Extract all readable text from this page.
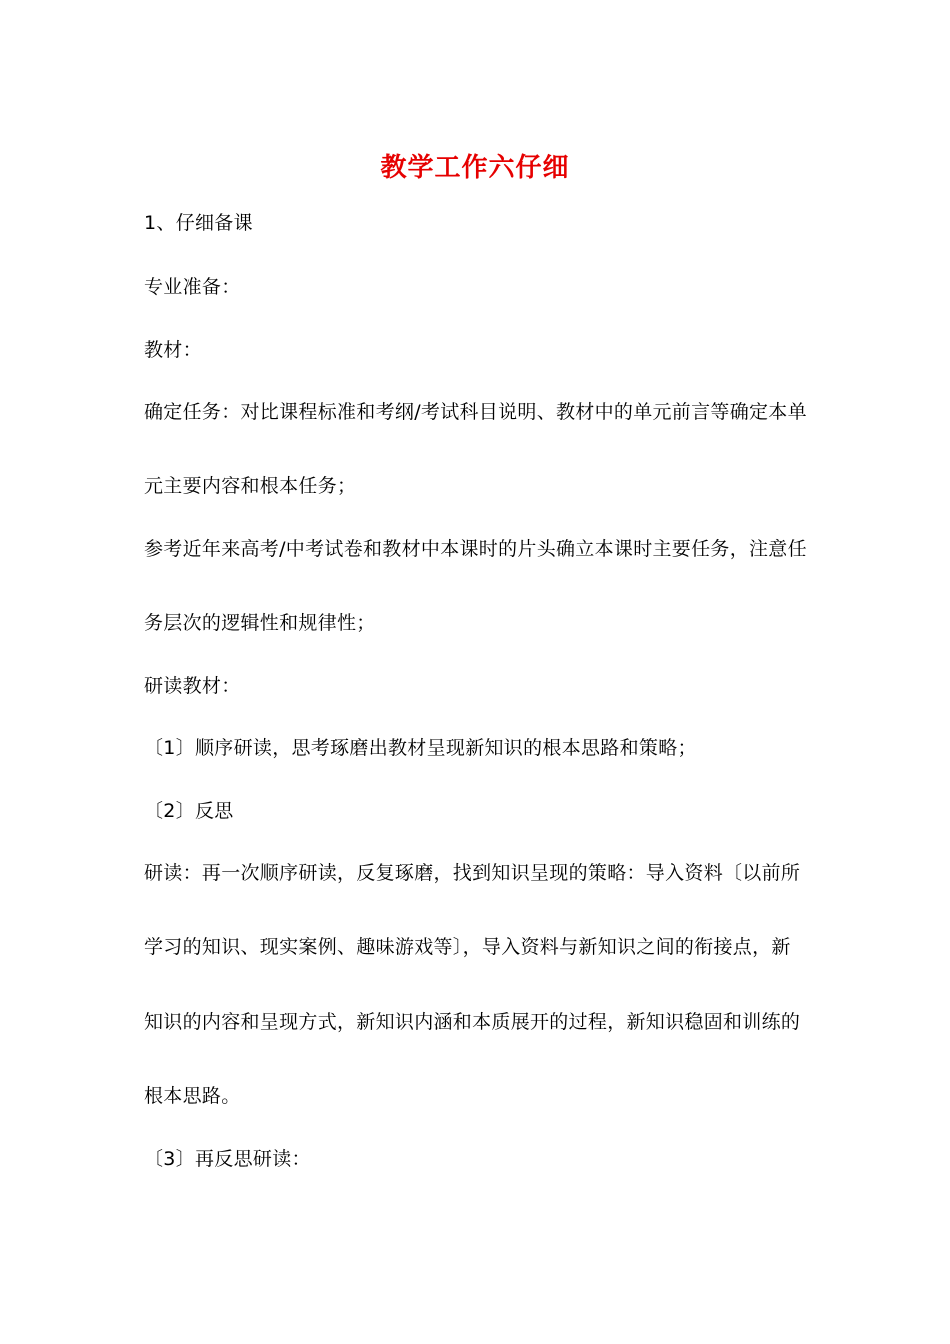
教学工作六仔细
1、仔细备课
专业准备：
教材：
确定任务：对比课程标准和考纲/考试科目说明、教材中的单元前言等确定本单
元主要内容和根本任务；
参考近年来高考/中考试卷和教材中本课时的片头确立本课时主要任务，注意任
务层次的逻辑性和规律性；
研读教材：
〔1〕顺序研读，思考琢磨出教材呈现新知识的根本思路和策略；
〔2〕反思
研读：再一次顺序研读，反复琢磨，找到知识呈现的策略：导入资料〔以前所
学习的知识、现实案例、趣味游戏等〕，导入资料与新知识之间的衔接点，新
知识的内容和呈现方式，新知识内涵和本质展开的过程，新知识稳固和训练的
根本思路。
〔3〕再反思研读：
